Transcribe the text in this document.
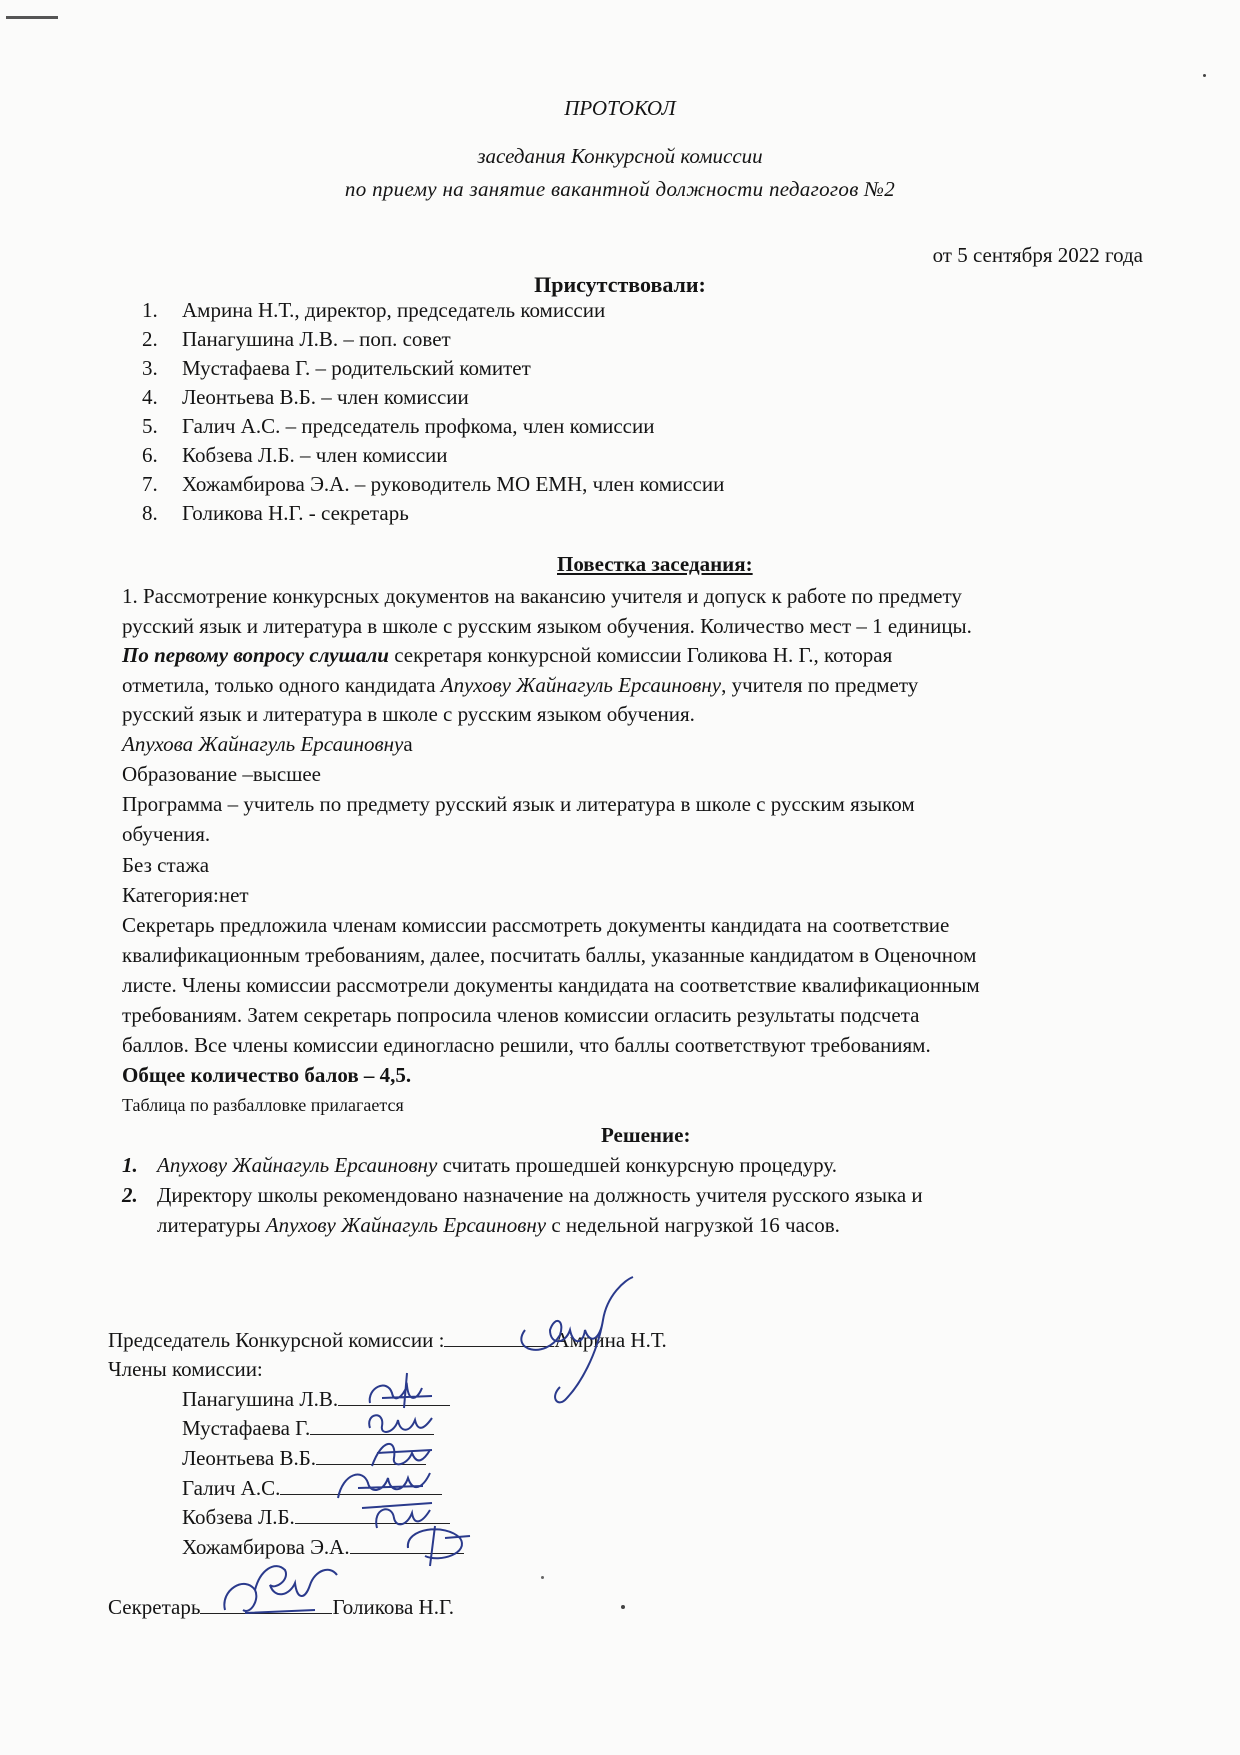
ПРОТОКОЛ
заседания Конкурсной комиссии
по приему на занятие вакантной должности педагогов №2
от 5 сентября 2022 года
Присутствовали:
1. Амрина Н.Т., директор, председатель комиссии
2. Панагушина Л.В. – поп. совет
3. Мустафаева Г. – родительский комитет
4. Леонтьева В.Б. – член комиссии
5. Галич А.С. – председатель профкома, член комиссии
6. Кобзева Л.Б. – член комиссии
7. Хожамбирова Э.А. – руководитель МО ЕМН, член комиссии
8. Голикова Н.Г. - секретарь
Повестка заседания:
1. Рассмотрение конкурсных документов на вакансию учителя и допуск к работе по предмету
русский язык и литература в школе с русским языком обучения. Количество мест – 1 единицы.
По первому вопросу слушали секретаря конкурсной комиссии Голикова Н. Г., которая
отметила, только одного кандидата Апухову Жайнагуль Ерсаиновну, учителя по предмету
русский язык и литература в школе с русским языком обучения.
Апухова Жайнагуль Ерсаиновнуа
Образование –высшее
Программа – учитель по предмету русский язык и литература в школе с русским языком
обучения.
Без стажа
Категория:нет
Секретарь предложила членам комиссии рассмотреть документы кандидата на соответствие
квалификационным требованиям, далее, посчитать баллы, указанные кандидатом в Оценочном
листе. Члены комиссии рассмотрели документы кандидата на соответствие квалификационным
требованиям. Затем секретарь попросила членов комиссии огласить результаты подсчета
баллов. Все члены комиссии единогласно решили, что баллы соответствуют требованиям.
Общее количество балов – 4,5.
Таблица по разбалловке прилагается
Решение:
1. Апухову Жайнагуль Ерсаиновну считать прошедшей конкурсную процедуру.
2. Директору школы рекомендовано назначение на должность учителя русского языка и
литературы Апухову Жайнагуль Ерсаиновну с недельной нагрузкой 16 часов.
Председатель Конкурсной комиссии :	Амрина Н.Т.
Члены комиссии:
Панагушина Л.В.
Мустафаева Г.
Леонтьева В.Б.
Галич А.С.
Кобзева Л.Б.
Хожамбирова Э.А.
Секретарь	Голикова Н.Г.
